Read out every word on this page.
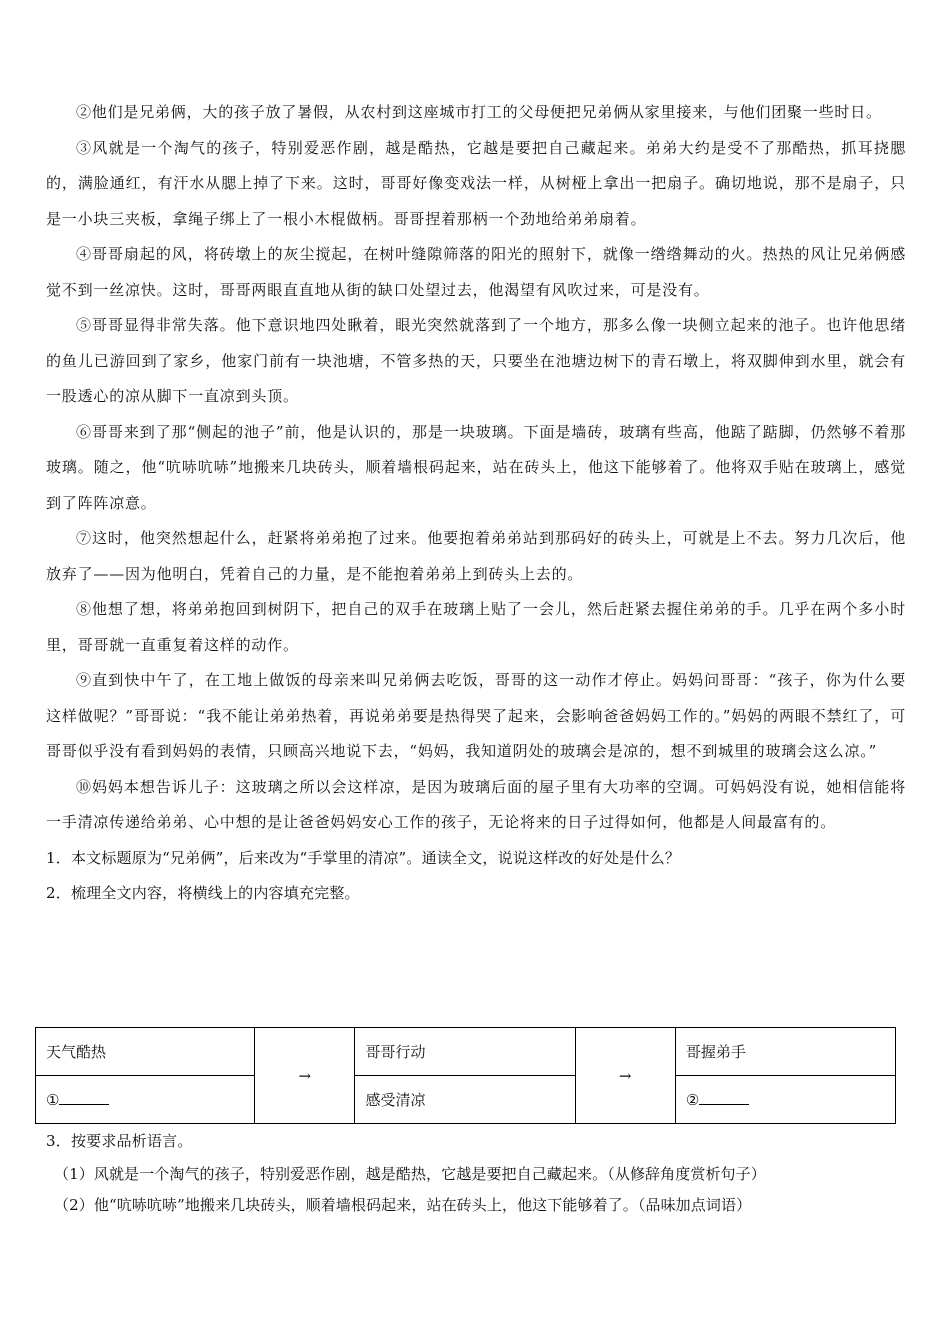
②他们是兄弟俩，大的孩子放了暑假，从农村到这座城市打工的父母便把兄弟俩从家里接来，与他们团聚一些时日。

③风就是一个淘气的孩子，特别爱恶作剧，越是酷热，它越是要把自己藏起来。弟弟大约是受不了那酷热，抓耳挠腮的，满脸通红，有汗水从腮上掉了下来。这时，哥哥好像变戏法一样，从树桠上拿出一把扇子。确切地说，那不是扇子，只是一小块三夹板，拿绳子绑上了一根小木棍做柄。哥哥捏着那柄一个劲地给弟弟扇着。

④哥哥扇起的风，将砖墩上的灰尘搅起，在树叶缝隙筛落的阳光的照射下，就像一绺绺舞动的火。热热的风让兄弟俩感觉不到一丝凉快。这时，哥哥两眼直直地从街的缺口处望过去，他渴望有风吹过来，可是没有。

⑤哥哥显得非常失落。他下意识地四处瞅着，眼光突然就落到了一个地方，那多么像一块侧立起来的池子。也许他思绪的鱼儿已游回到了家乡，他家门前有一块池塘，不管多热的天，只要坐在池塘边树下的青石墩上，将双脚伸到水里，就会有一股透心的凉从脚下一直凉到头顶。

⑥哥哥来到了那“侧起的池子”前，他是认识的，那是一块玻璃。下面是墙砖，玻璃有些高，他踮了踮脚，仍然够不着那玻璃。随之，他“吭哧吭哧”地搬来几块砖头，顺着墙根码起来，站在砖头上，他这下能够着了。他将双手贴在玻璃上，感觉到了阵阵凉意。

⑦这时，他突然想起什么，赶紧将弟弟抱了过来。他要抱着弟弟站到那码好的砖头上，可就是上不去。努力几次后，他放弃了——因为他明白，凭着自己的力量，是不能抱着弟弟上到砖头上去的。

⑧他想了想，将弟弟抱回到树阴下，把自己的双手在玻璃上贴了一会儿，然后赶紧去握住弟弟的手。几乎在两个多小时里，哥哥就一直重复着这样的动作。

⑨直到快中午了，在工地上做饭的母亲来叫兄弟俩去吃饭，哥哥的这一动作才停止。妈妈问哥哥：“孩子，你为什么要这样做呢？”哥哥说：“我不能让弟弟热着，再说弟弟要是热得哭了起来，会影响爸爸妈妈工作的。”妈妈的两眼不禁红了，可哥哥似乎没有看到妈妈的表情，只顾高兴地说下去，“妈妈，我知道阴处的玻璃会是凉的，想不到城里的玻璃会这么凉。”

⑩妈妈本想告诉儿子：这玻璃之所以会这样凉，是因为玻璃后面的屋子里有大功率的空调。可妈妈没有说，她相信能将一手清凉传递给弟弟、心中想的是让爸爸妈妈安心工作的孩子，无论将来的日子过得如何，他都是人间最富有的。

1．本文标题原为“兄弟俩”，后来改为“手掌里的清凉”。通读全文，说说这样改的好处是什么？

2．梳理全文内容，将横线上的内容填充完整。

天气酷热	→	哥哥行动	→	哥握弟手
①		感受清凉		②

3．按要求品析语言。

（1）风就是一个淘气的孩子，特别爱恶作剧，越是酷热，它越是要把自己藏起来。（从修辞角度赏析句子）

（2）他“吭哧吭哧”地搬来几块砖头，顺着墙根码起来，站在砖头上，他这下能够着了。（品味加点词语）
